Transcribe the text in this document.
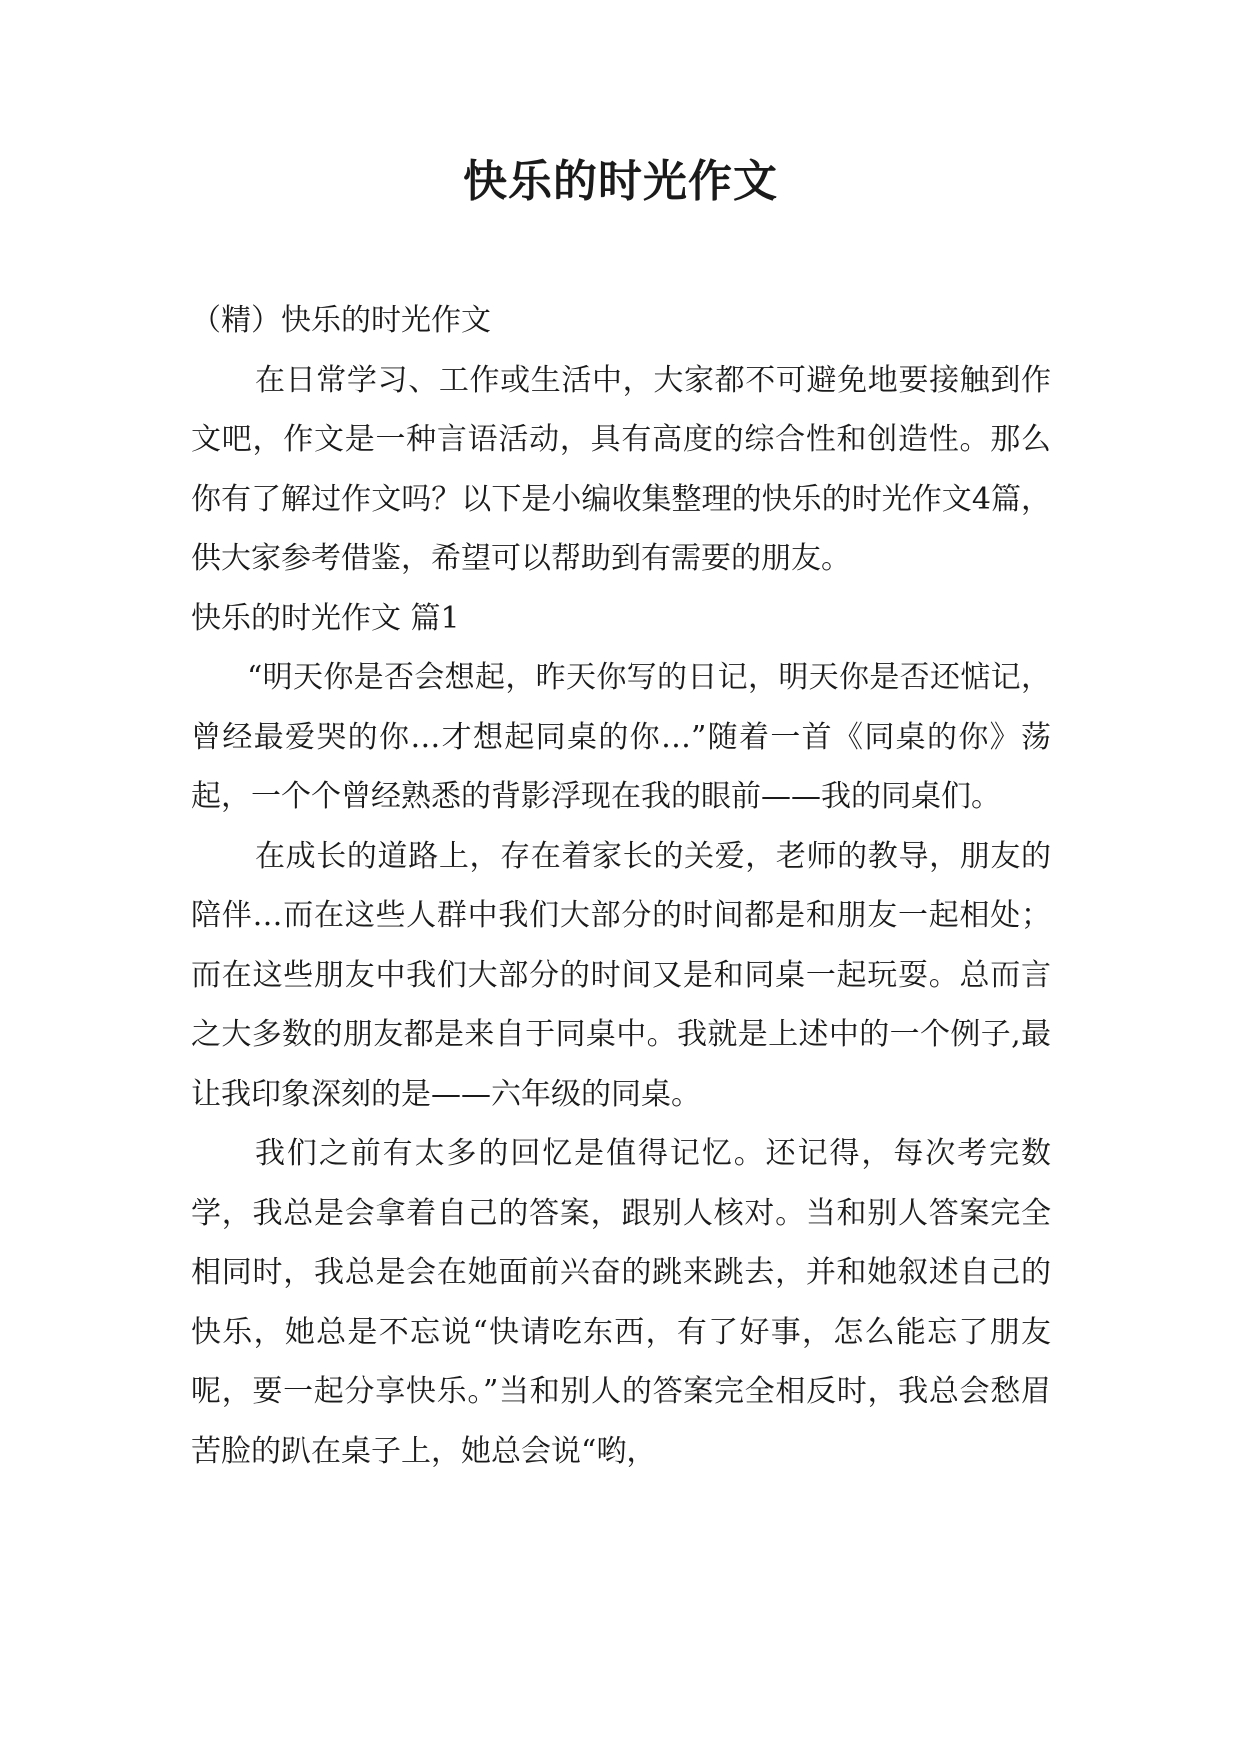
快乐的时光作文

（精）快乐的时光作文

在日常学习、工作或生活中，大家都不可避免地要接触到作文吧，作文是一种言语活动，具有高度的综合性和创造性。那么你有了解过作文吗？以下是小编收集整理的快乐的时光作文4篇，供大家参考借鉴，希望可以帮助到有需要的朋友。

快乐的时光作文 篇1

“明天你是否会想起，昨天你写的日记，明天你是否还惦记，曾经最爱哭的你…才想起同桌的你…”随着一首《同桌的你》荡起，一个个曾经熟悉的背影浮现在我的眼前——我的同桌们。

在成长的道路上，存在着家长的关爱，老师的教导，朋友的陪伴…而在这些人群中我们大部分的时间都是和朋友一起相处；而在这些朋友中我们大部分的时间又是和同桌一起玩耍。总而言之大多数的朋友都是来自于同桌中。我就是上述中的一个例子,最让我印象深刻的是——六年级的同桌。

我们之前有太多的回忆是值得记忆。还记得，每次考完数学，我总是会拿着自己的答案，跟别人核对。当和别人答案完全相同时，我总是会在她面前兴奋的跳来跳去，并和她叙述自己的快乐，她总是不忘说“快请吃东西，有了好事，怎么能忘了朋友呢，要一起分享快乐。”当和别人的答案完全相反时，我总会愁眉苦脸的趴在桌子上，她总会说“哟，
